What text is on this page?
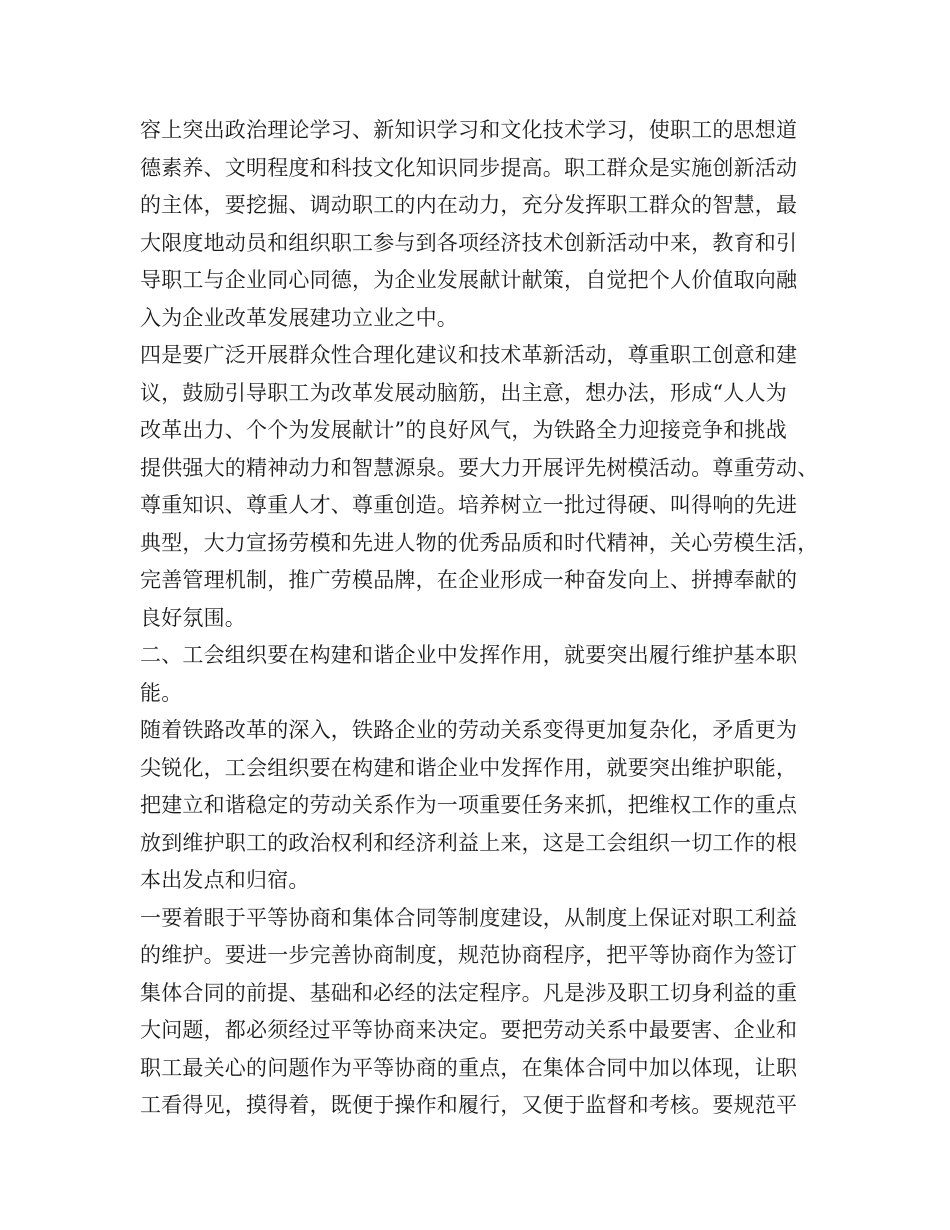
容上突出政治理论学习、新知识学习和文化技术学习，使职工的思想道
德素养、文明程度和科技文化知识同步提高。职工群众是实施创新活动
的主体，要挖掘、调动职工的内在动力，充分发挥职工群众的智慧，最
大限度地动员和组织职工参与到各项经济技术创新活动中来，教育和引
导职工与企业同心同德，为企业发展献计献策，自觉把个人价值取向融
入为企业改革发展建功立业之中。
四是要广泛开展群众性合理化建议和技术革新活动，尊重职工创意和建
议，鼓励引导职工为改革发展动脑筋，出主意，想办法，形成“人人为
改革出力、个个为发展献计”的良好风气，为铁路全力迎接竞争和挑战
提供强大的精神动力和智慧源泉。要大力开展评先树模活动。尊重劳动、
尊重知识、尊重人才、尊重创造。培养树立一批过得硬、叫得响的先进
典型，大力宣扬劳模和先进人物的优秀品质和时代精神，关心劳模生活，
完善管理机制，推广劳模品牌，在企业形成一种奋发向上、拼搏奉献的
良好氛围。
二、工会组织要在构建和谐企业中发挥作用，就要突出履行维护基本职
能。
随着铁路改革的深入，铁路企业的劳动关系变得更加复杂化，矛盾更为
尖锐化，工会组织要在构建和谐企业中发挥作用，就要突出维护职能，
把建立和谐稳定的劳动关系作为一项重要任务来抓，把维权工作的重点
放到维护职工的政治权利和经济利益上来，这是工会组织一切工作的根
本出发点和归宿。
一要着眼于平等协商和集体合同等制度建设，从制度上保证对职工利益
的维护。要进一步完善协商制度，规范协商程序，把平等协商作为签订
集体合同的前提、基础和必经的法定程序。凡是涉及职工切身利益的重
大问题，都必须经过平等协商来决定。要把劳动关系中最要害、企业和
职工最关心的问题作为平等协商的重点，在集体合同中加以体现，让职
工看得见，摸得着，既便于操作和履行，又便于监督和考核。要规范平
